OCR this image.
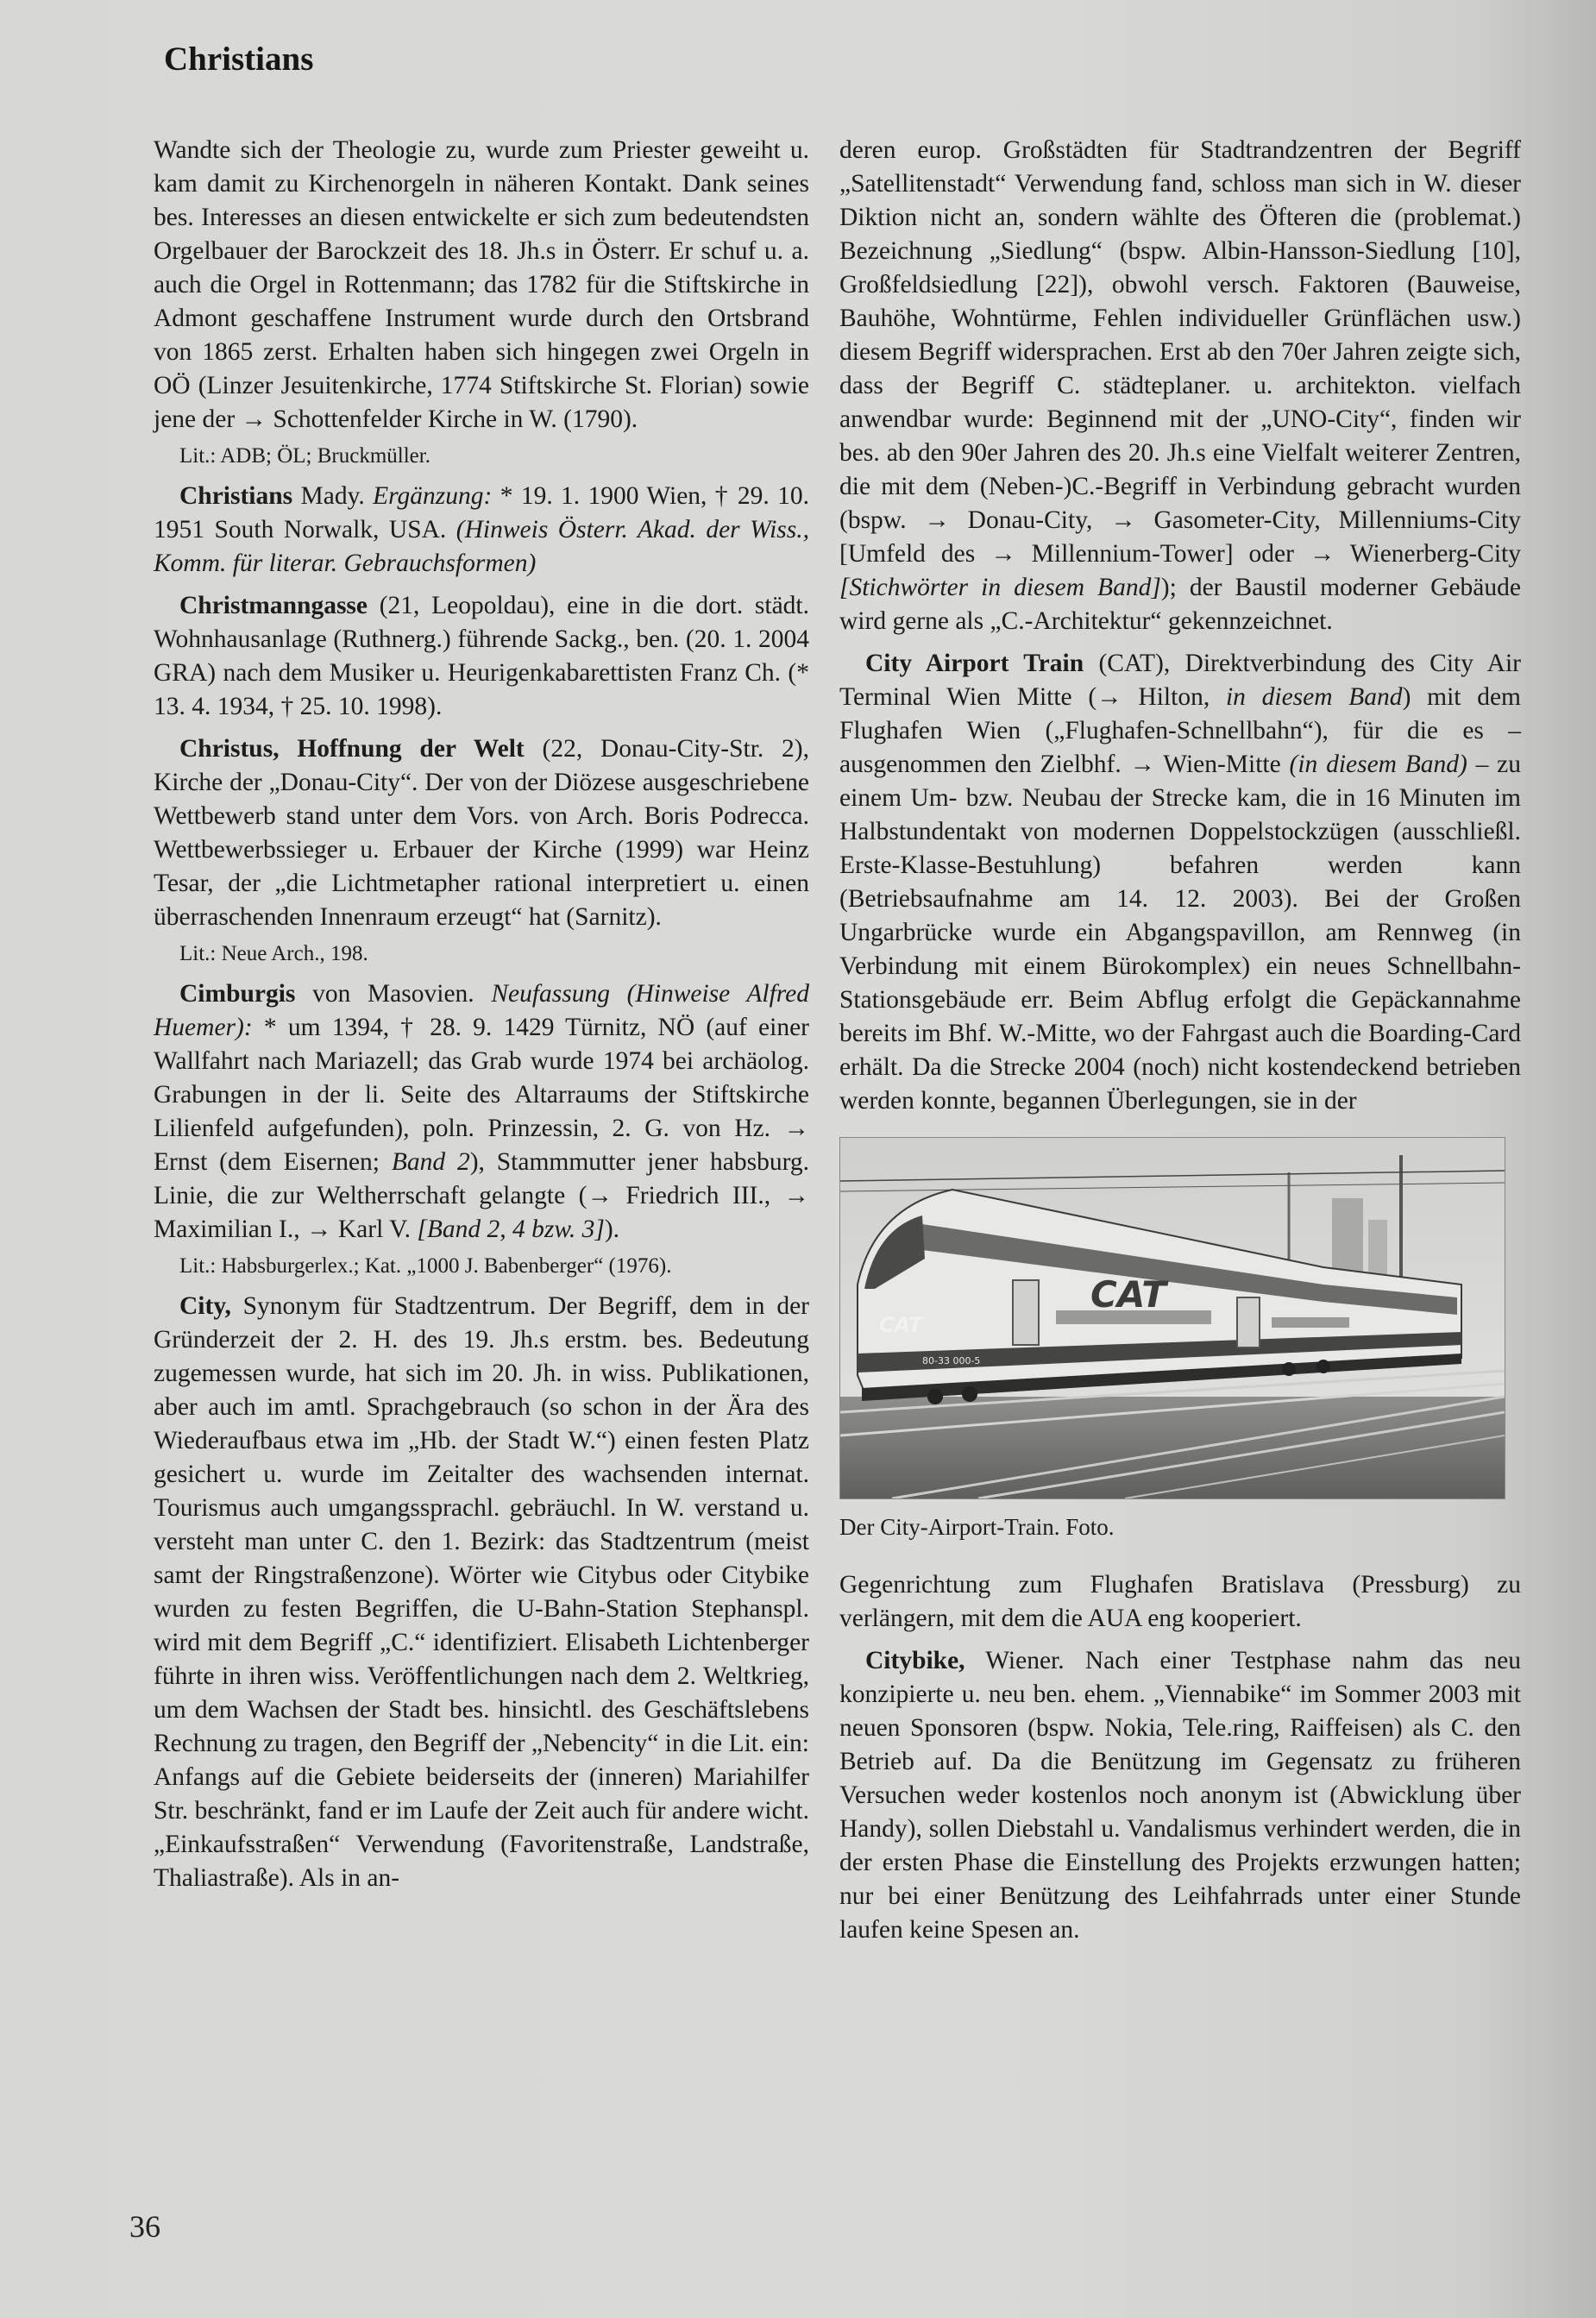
Christians

Wandte sich der Theologie zu, wurde zum Priester geweiht u. kam damit zu Kirchenorgeln in näheren Kontakt. Dank seines bes. Interesses an diesen entwickelte er sich zum bedeutendsten Orgelbauer der Barockzeit des 18. Jh.s in Österr. Er schuf u. a. auch die Orgel in Rottenmann; das 1782 für die Stiftskirche in Admont geschaffene Instrument wurde durch den Ortsbrand von 1865 zerst. Erhalten haben sich hingegen zwei Orgeln in OÖ (Linzer Jesuitenkirche, 1774 Stiftskirche St. Florian) sowie jene der → Schottenfelder Kirche in W. (1790).

Lit.: ADB; ÖL; Bruckmüller.

Christians Mady. Ergänzung: * 19. 1. 1900 Wien, † 29. 10. 1951 South Norwalk, USA. (Hinweis Österr. Akad. der Wiss., Komm. für literar. Gebrauchsformen)

Christmanngasse (21, Leopoldau), eine in die dort. städt. Wohnhausanlage (Ruthnerg.) führende Sackg., ben. (20. 1. 2004 GRA) nach dem Musiker u. Heurigenkabarettisten Franz Ch. (* 13. 4. 1934, † 25. 10. 1998).

Christus, Hoffnung der Welt (22, Donau-City-Str. 2), Kirche der „Donau-City“. Der von der Diözese ausgeschriebene Wettbewerb stand unter dem Vors. von Arch. Boris Podrecca. Wettbewerbssieger u. Erbauer der Kirche (1999) war Heinz Tesar, der „die Lichtmetapher rational interpretiert u. einen überraschenden Innenraum erzeugt“ hat (Sarnitz).

Lit.: Neue Arch., 198.

Cimburgis von Masovien. Neufassung (Hinweise Alfred Huemer): * um 1394, † 28. 9. 1429 Türnitz, NÖ (auf einer Wallfahrt nach Mariazell; das Grab wurde 1974 bei archäolog. Grabungen in der li. Seite des Altarraums der Stiftskirche Lilienfeld aufgefunden), poln. Prinzessin, 2. G. von Hz. → Ernst (dem Eisernen; Band 2), Stammmutter jener habsburg. Linie, die zur Weltherrschaft gelangte (→ Friedrich III., → Maximilian I., → Karl V. [Band 2, 4 bzw. 3]).

Lit.: Habsburgerlex.; Kat. „1000 J. Babenberger“ (1976).

City, Synonym für Stadtzentrum. Der Begriff, dem in der Gründerzeit der 2. H. des 19. Jh.s erstm. bes. Bedeutung zugemessen wurde, hat sich im 20. Jh. in wiss. Publikationen, aber auch im amtl. Sprachgebrauch (so schon in der Ära des Wiederaufbaus etwa im „Hb. der Stadt W.“) einen festen Platz gesichert u. wurde im Zeitalter des wachsenden internat. Tourismus auch umgangssprachl. gebräuchl. In W. verstand u. versteht man unter C. den 1. Bezirk: das Stadtzentrum (meist samt der Ringstraßenzone). Wörter wie Citybus oder Citybike wurden zu festen Begriffen, die U-Bahn-Station Stephanspl. wird mit dem Begriff „C.“ identifiziert. Elisabeth Lichtenberger führte in ihren wiss. Veröffentlichungen nach dem 2. Weltkrieg, um dem Wachsen der Stadt bes. hinsichtl. des Geschäftslebens Rechnung zu tragen, den Begriff der „Nebencity“ in die Lit. ein: Anfangs auf die Gebiete beiderseits der (inneren) Mariahilfer Str. beschränkt, fand er im Laufe der Zeit auch für andere wicht. „Einkaufsstraßen“ Verwendung (Favoritenstraße, Landstraße, Thaliastraße). Als in an-

deren europ. Großstädten für Stadtrandzentren der Begriff „Satellitenstadt“ Verwendung fand, schloss man sich in W. dieser Diktion nicht an, sondern wählte des Öfteren die (problemat.) Bezeichnung „Siedlung“ (bspw. Albin-Hansson-Siedlung [10], Großfeldsiedlung [22]), obwohl versch. Faktoren (Bauweise, Bauhöhe, Wohntürme, Fehlen individueller Grünflächen usw.) diesem Begriff widersprachen. Erst ab den 70er Jahren zeigte sich, dass der Begriff C. städteplaner. u. architekton. vielfach anwendbar wurde: Beginnend mit der „UNO-City“, finden wir bes. ab den 90er Jahren des 20. Jh.s eine Vielfalt weiterer Zentren, die mit dem (Neben-)C.-Begriff in Verbindung gebracht wurden (bspw. → Donau-City, → Gasometer-City, Millenniums-City [Umfeld des → Millennium-Tower] oder → Wienerberg-City [Stichwörter in diesem Band]); der Baustil moderner Gebäude wird gerne als „C.-Architektur“ gekennzeichnet.

City Airport Train (CAT), Direktverbindung des City Air Terminal Wien Mitte (→ Hilton, in diesem Band) mit dem Flughafen Wien („Flughafen-Schnellbahn“), für die es – ausgenommen den Zielbhf. → Wien-Mitte (in diesem Band) – zu einem Um- bzw. Neubau der Strecke kam, die in 16 Minuten im Halbstundentakt von modernen Doppelstockzügen (ausschließl. Erste-Klasse-Bestuhlung) befahren werden kann (Betriebsaufnahme am 14. 12. 2003). Bei der Großen Ungarbrücke wurde ein Abgangspavillon, am Rennweg (in Verbindung mit einem Bürokomplex) ein neues Schnellbahn-Stationsgebäude err. Beim Abflug erfolgt die Gepäckannahme bereits im Bhf. W.-Mitte, wo der Fahrgast auch die Boarding-Card erhält. Da die Strecke 2004 (noch) nicht kostendeckend betrieben werden konnte, begannen Überlegungen, sie in der

CAT
CAT
80-33 000-5

Der City-Airport-Train. Foto.

Gegenrichtung zum Flughafen Bratislava (Pressburg) zu verlängern, mit dem die AUA eng kooperiert.

Citybike, Wiener. Nach einer Testphase nahm das neu konzipierte u. neu ben. ehem. „Viennabike“ im Sommer 2003 mit neuen Sponsoren (bspw. Nokia, Tele.ring, Raiffeisen) als C. den Betrieb auf. Da die Benützung im Gegensatz zu früheren Versuchen weder kostenlos noch anonym ist (Abwicklung über Handy), sollen Diebstahl u. Vandalismus verhindert werden, die in der ersten Phase die Einstellung des Projekts erzwungen hatten; nur bei einer Benützung des Leihfahrrads unter einer Stunde laufen keine Spesen an.

36
